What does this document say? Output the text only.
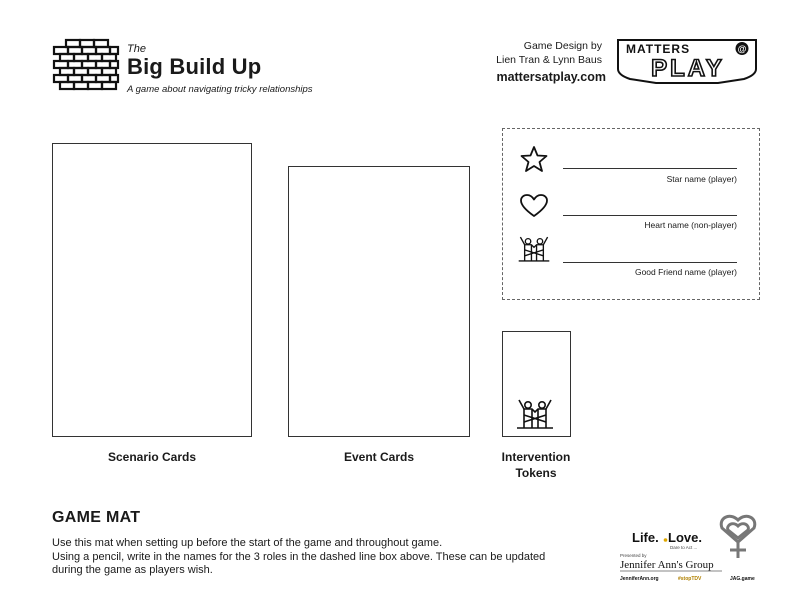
The
Big Build Up
A game about navigating tricky relationships
Game Design by
Lien Tran & Lynn Baus
mattersatplay.com
MATTERS	@
PLAY
Scenario Cards	Event Cards	Intervention Tokens
Star name (player)
Heart name (non-player)
Good Friend name (player)
GAME MAT
Use this mat when setting up before the start of the game and throughout game.
Using a pencil, write in the names for the 3 roles in the dashed line box above. These can be updated during the game as players wish.
Life. Love.
Dare to Act ...
Presented by
Jennifer Ann's Group
JenniferAnn.org	#stopTDV	JAG.game
